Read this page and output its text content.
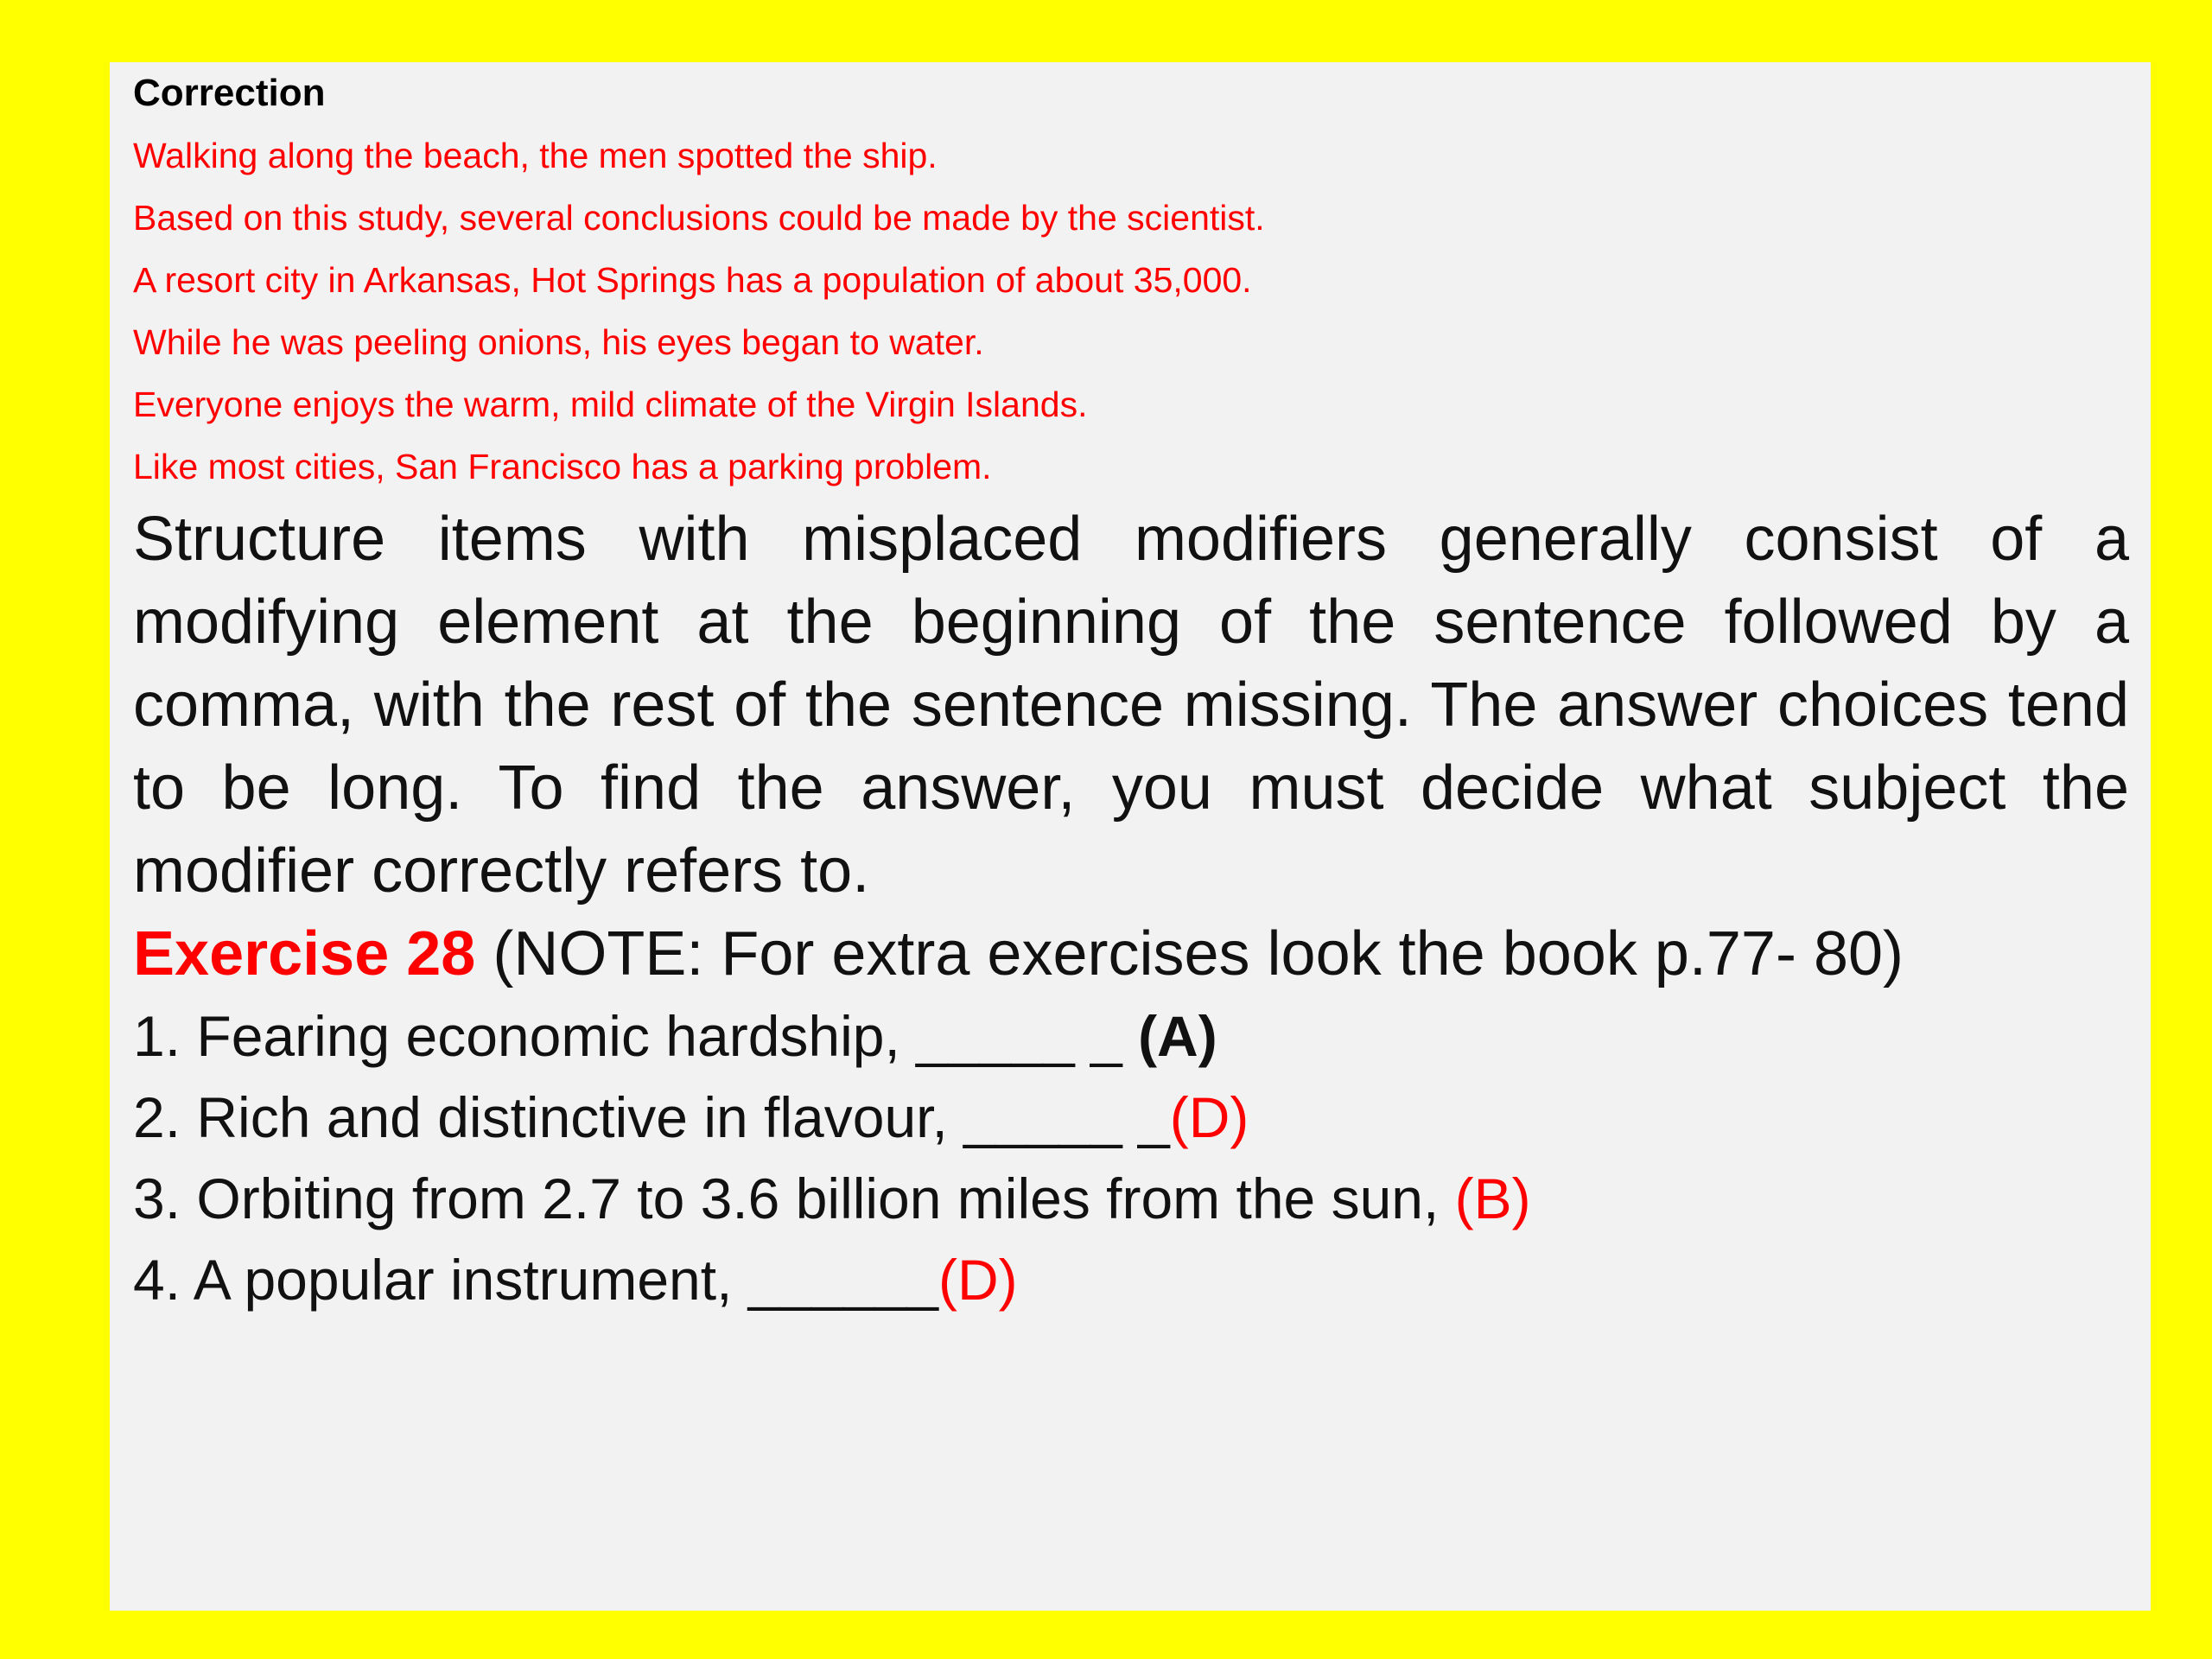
Correction

Walking along the beach, the men spotted the ship.

Based on this study, several conclusions could be made by the scientist.

A resort city in Arkansas, Hot Springs has a population of about 35,000.

While he was peeling onions, his eyes began to water.

Everyone enjoys the warm, mild climate of the Virgin Islands.

Like most cities, San Francisco has a parking problem.

Structure items with misplaced modifiers generally consist of a modifying element at the beginning of the sentence followed by a comma, with the rest of the sentence missing. The answer choices tend to be long. To find the answer, you must decide what subject the modifier correctly refers to.

Exercise 28 (NOTE: For extra exercises look the book p.77- 80)

1. Fearing economic hardship, _____ _ (A)

2. Rich and distinctive in flavour, _____ _(D)

3. Orbiting from 2.7 to 3.6 billion miles from the sun, (B)

4. A popular instrument, ______(D)
